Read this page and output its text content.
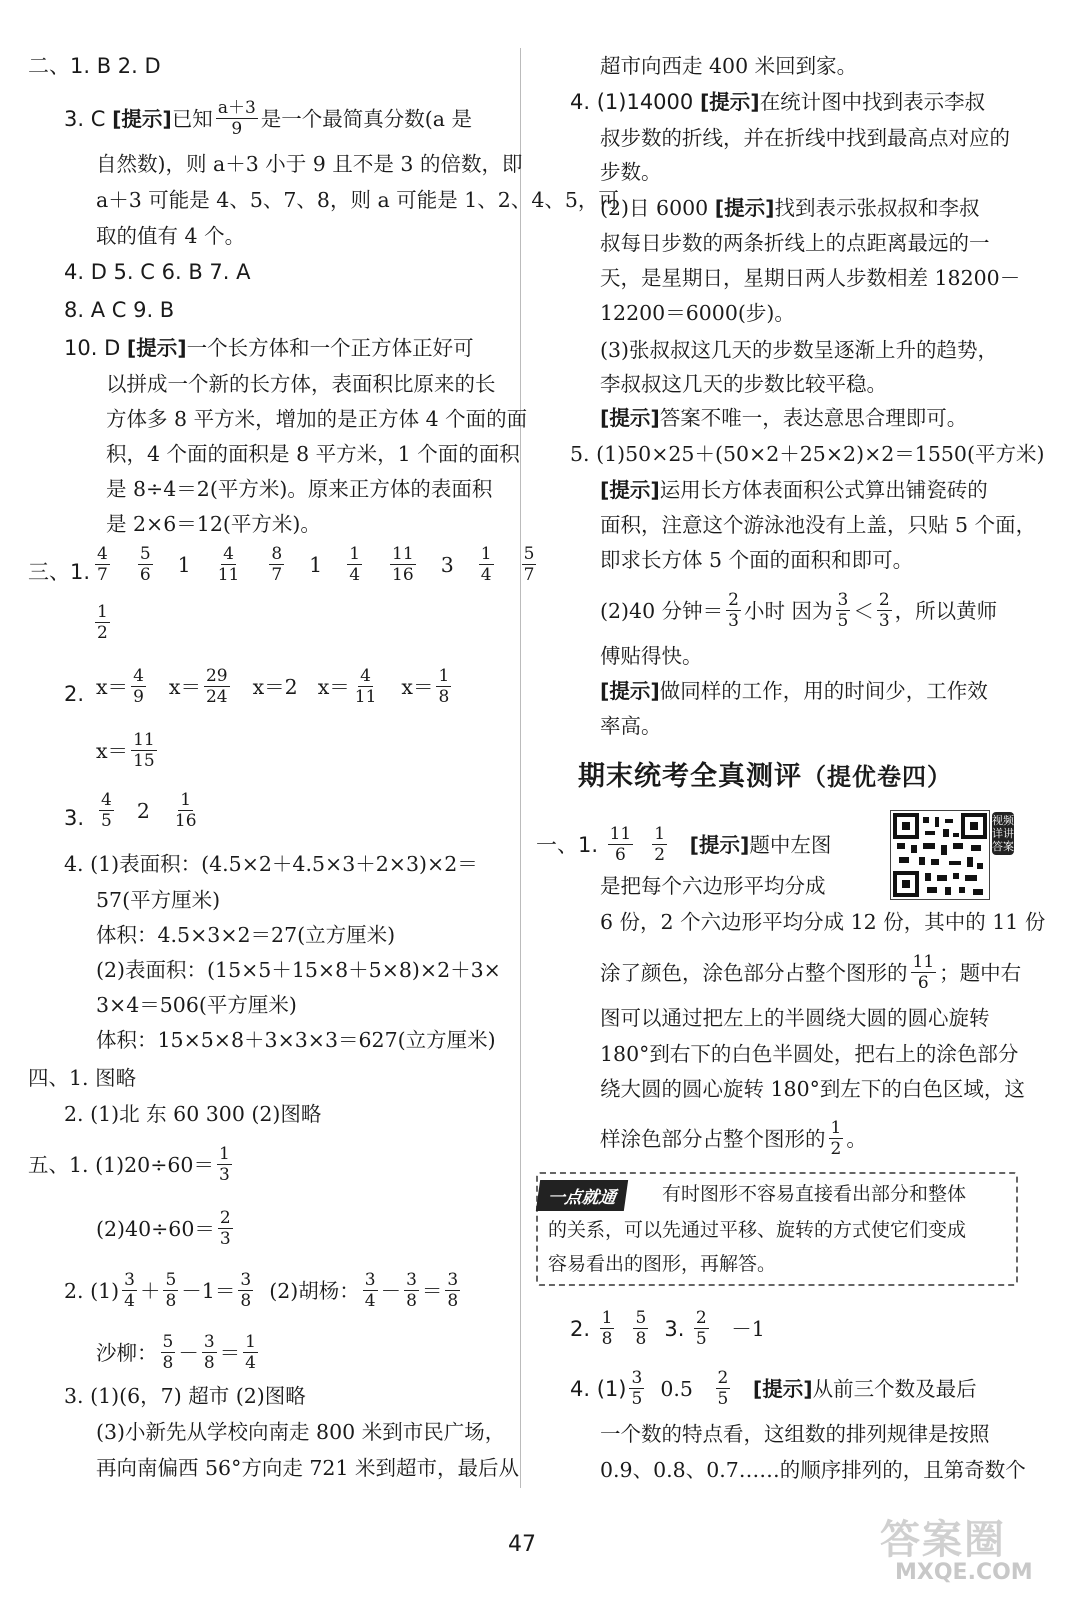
二、1. B 2. D
3. C [提示]已知 $\frac{a+3}{9}$ 是一个最简真分数(a 是
自然数)，则 a＋3 小于 9 且不是 3 的倍数，即
a＋3 可能是 4、5、7、8，则 a 可能是 1、2、4、5，可
取的值有 4 个。
4. D 5. C 6. B 7. A
8. A C 9. B
10. D [提示]一个长方体和一个正方体正好可
以拼成一个新的长方体，表面积比原来的长
方体多 8 平方米，增加的是正方体 4 个面的面
积，4 个面的面积是 8 平方米，1 个面的面积
是 8÷4＝2(平方米)。原来正方体的表面积
是 2×6＝12(平方米)。
三、1. $\frac{4}{7} \frac{5}{6} 1 \frac{4}{11} \frac{8}{7} 1 \frac{1}{4} \frac{11}{16} 3 \frac{1}{4} \frac{5}{7}$
$\frac{1}{2}$
2. $x= \frac{4}{9} x= \frac{29}{24} x=2$ $x= \frac{4}{11} x= \frac{1}{8}$
$x= \frac{11}{15}$
3. $\frac{4}{5} 2 \frac{1}{16}$
4. (1)表面积：(4.5×2＋4.5×3＋2×3)×2＝
57(平方厘米)
体积：4.5×3×2＝27(立方厘米)
(2)表面积：(15×5＋15×8＋5×8)×2＋3×
3×4＝506(平方厘米)
体积：15×5×8＋3×3×3＝627(立方厘米)
四、1. 图略
2. (1)北 东 60 300 (2)图略
五、1. $(1)20\div 60= \frac{1}{3}$
$(2)40\div 60= \frac{2}{3}$
2. $(1) \frac{3}{4} + \frac{5}{8} -1= \frac{3}{8} (2)$胡杨： $\frac{3}{4} - \frac{3}{8} = \frac{3}{8}$
沙柳： $\frac{5}{8} - \frac{3}{8} = \frac{1}{4}$
3. (1)(6，7) 超市 (2)图略
(3)小新先从学校向南走 800 米到市民广场，
再向南偏西 56°方向走 721 米到超市，最后从
超市向西走 400 米回到家。
4. (1)14000 [提示]在统计图中找到表示李叔
叔步数的折线，并在折线中找到最高点对应的
步数。
(2)日 6000 [提示]找到表示张叔叔和李叔
叔每日步数的两条折线上的点距离最远的一
天，是星期日，星期日两人步数相差 18200－
12200＝6000(步)。
(3)张叔叔这几天的步数呈逐渐上升的趋势，
李叔叔这几天的步数比较平稳。
[提示]答案不唯一，表达意思合理即可。
5. (1)50×25＋(50×2＋25×2)×2＝1550(平方米)
[提示]运用长方体表面积公式算出铺瓷砖的
面积，注意这个游泳池没有上盖，只贴 5 个面，
即求长方体 5 个面的面积和即可。
(2)40 分钟＝ $\frac{2}{3}$ 小时 因为 $\frac{3}{5} < \frac{2}{3}$ ，所以黄师
傅贴得快。
[提示]做同样的工作，用的时间少，工作效
率高。
期末统考全真测评（提优卷四）
视频详讲答案
一、1. $\frac{11}{6}$
$\frac{1}{2}$ [提示]题中左图
是把每个六边形平均分成
6 份，2 个六边形平均分成 12 份，其中的 11 份
涂了颜色，涂色部分占整个图形的 $\frac{11}{6}$ ；题中右
图可以通过把左上的半圆绕大圆的圆心旋转
180°到右下的白色半圆处，把右上的涂色部分
绕大圆的圆心旋转 180°到左下的白色区域，这
样涂色部分占整个图形的 $\frac{1}{2}$ 。
一点就通	有时图形不容易直接看出部分和整体
的关系，可以先通过平移、旋转的方式使它们变成
容易看出的图形，再解答。
2. $\frac{1}{8}$
$\frac{5}{8} 3$. $\frac{2}{5} -1$
4. $(1) \frac{3}{5} 0.5 \frac{2}{5}$ [提示]从前三个数及最后
一个数的特点看，这组数的排列规律是按照
0.9、0.8、0.7……的顺序排列的，且第奇数个
47	答案圈
MXQE.COM
